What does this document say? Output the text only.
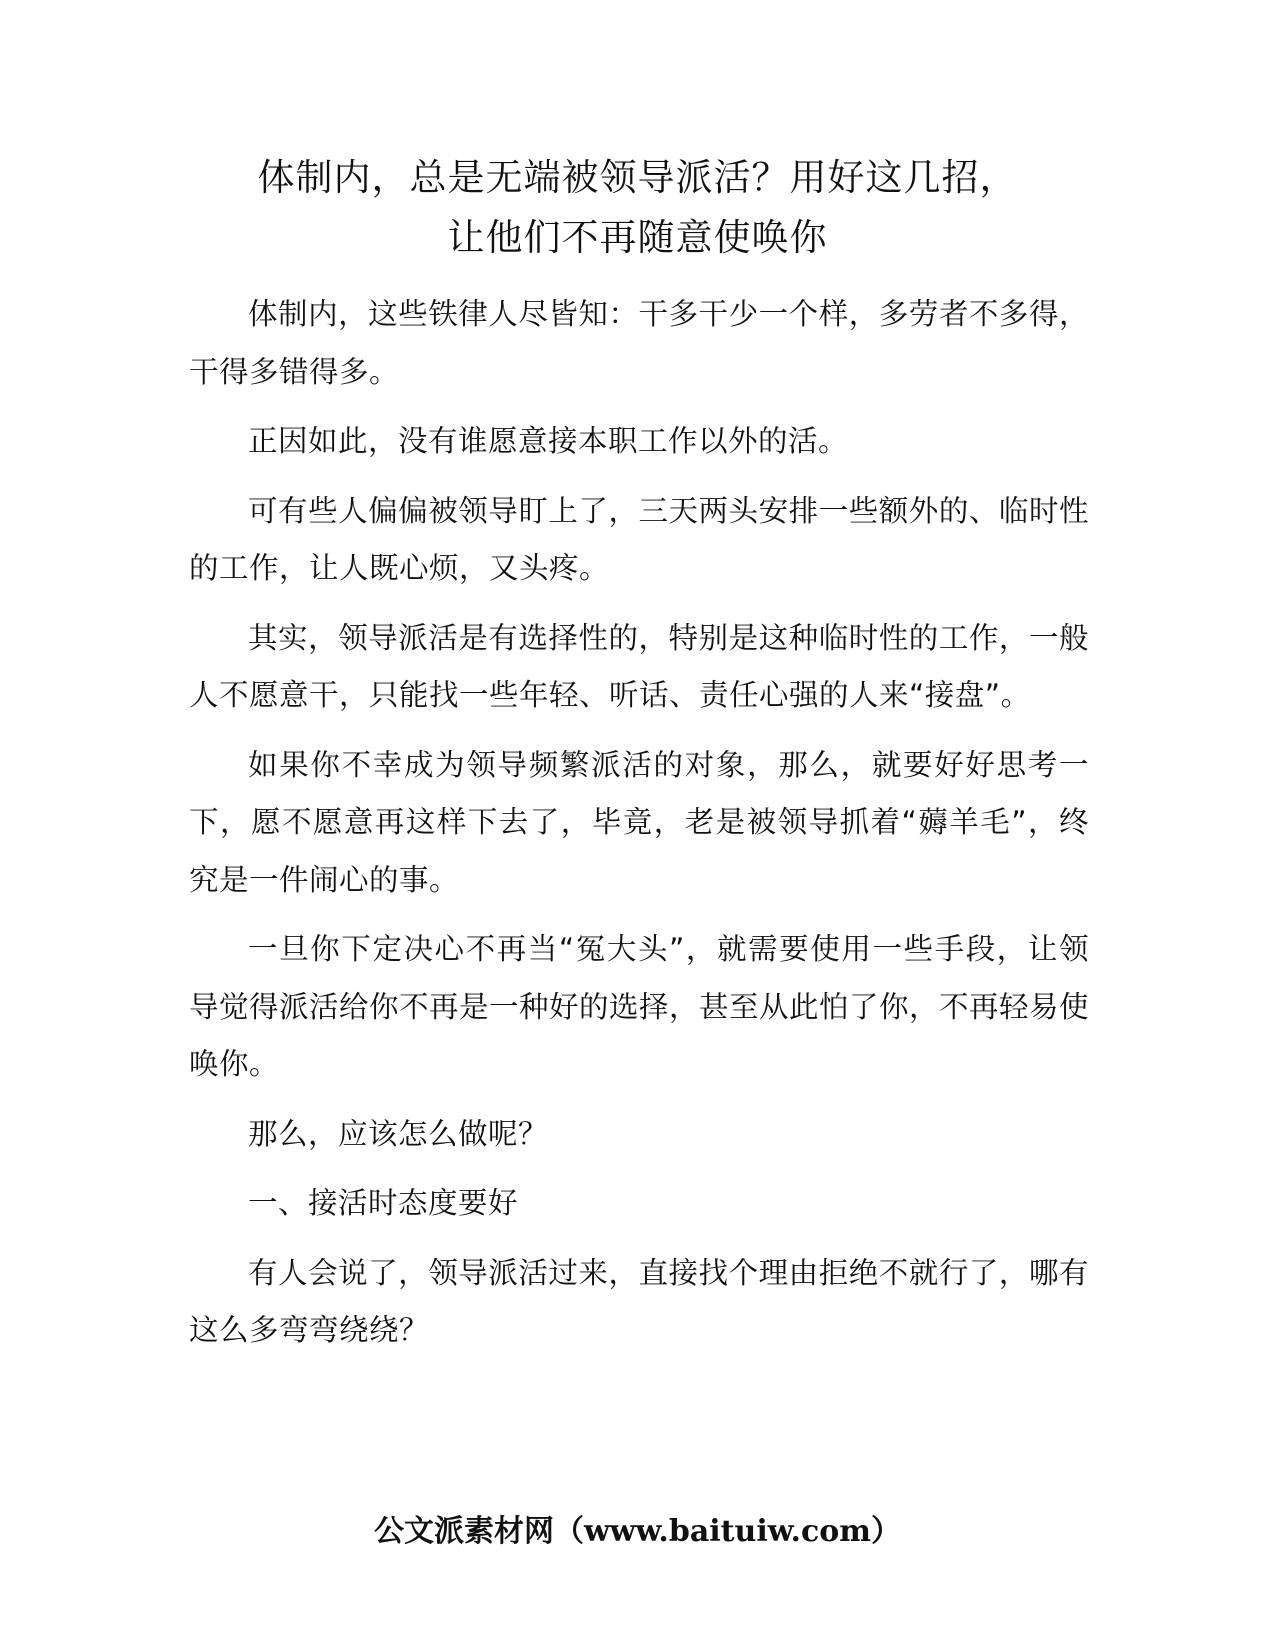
体制内，总是无端被领导派活？用好这几招，
让他们不再随意使唤你

体制内，这些铁律人尽皆知：干多干少一个样，多劳者不多得，干得多错得多。

正因如此，没有谁愿意接本职工作以外的活。

可有些人偏偏被领导盯上了，三天两头安排一些额外的、临时性的工作，让人既心烦，又头疼。

其实，领导派活是有选择性的，特别是这种临时性的工作，一般人不愿意干，只能找一些年轻、听话、责任心强的人来“接盘”。

如果你不幸成为领导频繁派活的对象，那么，就要好好思考一下，愿不愿意再这样下去了，毕竟，老是被领导抓着“薅羊毛”，终究是一件闹心的事。

一旦你下定决心不再当“冤大头”，就需要使用一些手段，让领导觉得派活给你不再是一种好的选择，甚至从此怕了你，不再轻易使唤你。

那么，应该怎么做呢？

一、接活时态度要好

有人会说了，领导派活过来，直接找个理由拒绝不就行了，哪有这么多弯弯绕绕？

公文派素材网（www.baituiw.com）
